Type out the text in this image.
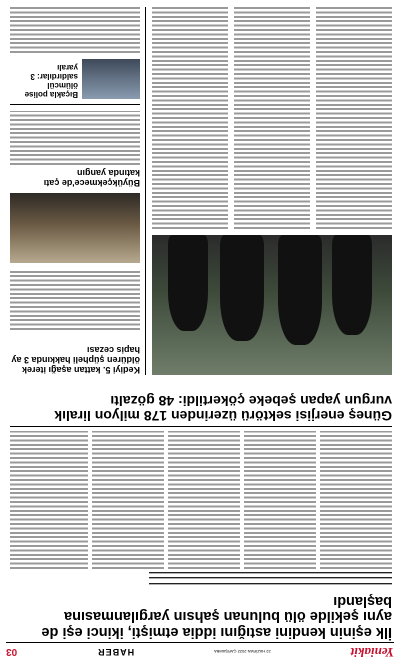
Yeniakit
22 HAZİRAN 2022 ÇARŞAMBA
HABER
03
İlk eşinin kendini astığını iddia etmişti, ikinci eşi de aynı şekilde ölü bulunan şahsın yargılanmasına başlandı
▬▬▬▬▬▬▬▬▬▬▬▬▬▬▬▬▬▬▬▬▬▬▬▬▬▬▬▬▬▬▬▬▬▬▬▬▬▬▬▬▬▬▬▬▬▬▬▬▬▬▬▬▬▬
▬▬▬▬▬▬▬▬▬▬▬▬▬▬▬▬▬▬▬▬▬▬▬▬▬▬▬▬▬▬▬▬▬▬▬▬▬▬▬▬▬▬▬▬▬▬▬▬▬▬▬▬▬▬
▬▬▬▬▬▬▬▬▬▬▬▬▬▬▬▬▬▬▬▬▬▬▬▬▬▬▬▬▬▬▬▬▬▬▬▬▬▬▬▬▬▬▬▬▬▬▬▬▬▬▬▬▬▬
Güneş enerjisi sektörü üzerinden 178 milyon liralık vurgun yapan şebeke çökertildi: 48 gözaltı
Kediyi 5. kattan aşağı iterek öldüren şüpheli hakkında 3 ay hapis cezası
Büyükçekmece'de çatı katında yangın
Bıçakla polise ölümcül saldırdılar: 3 yaralı
